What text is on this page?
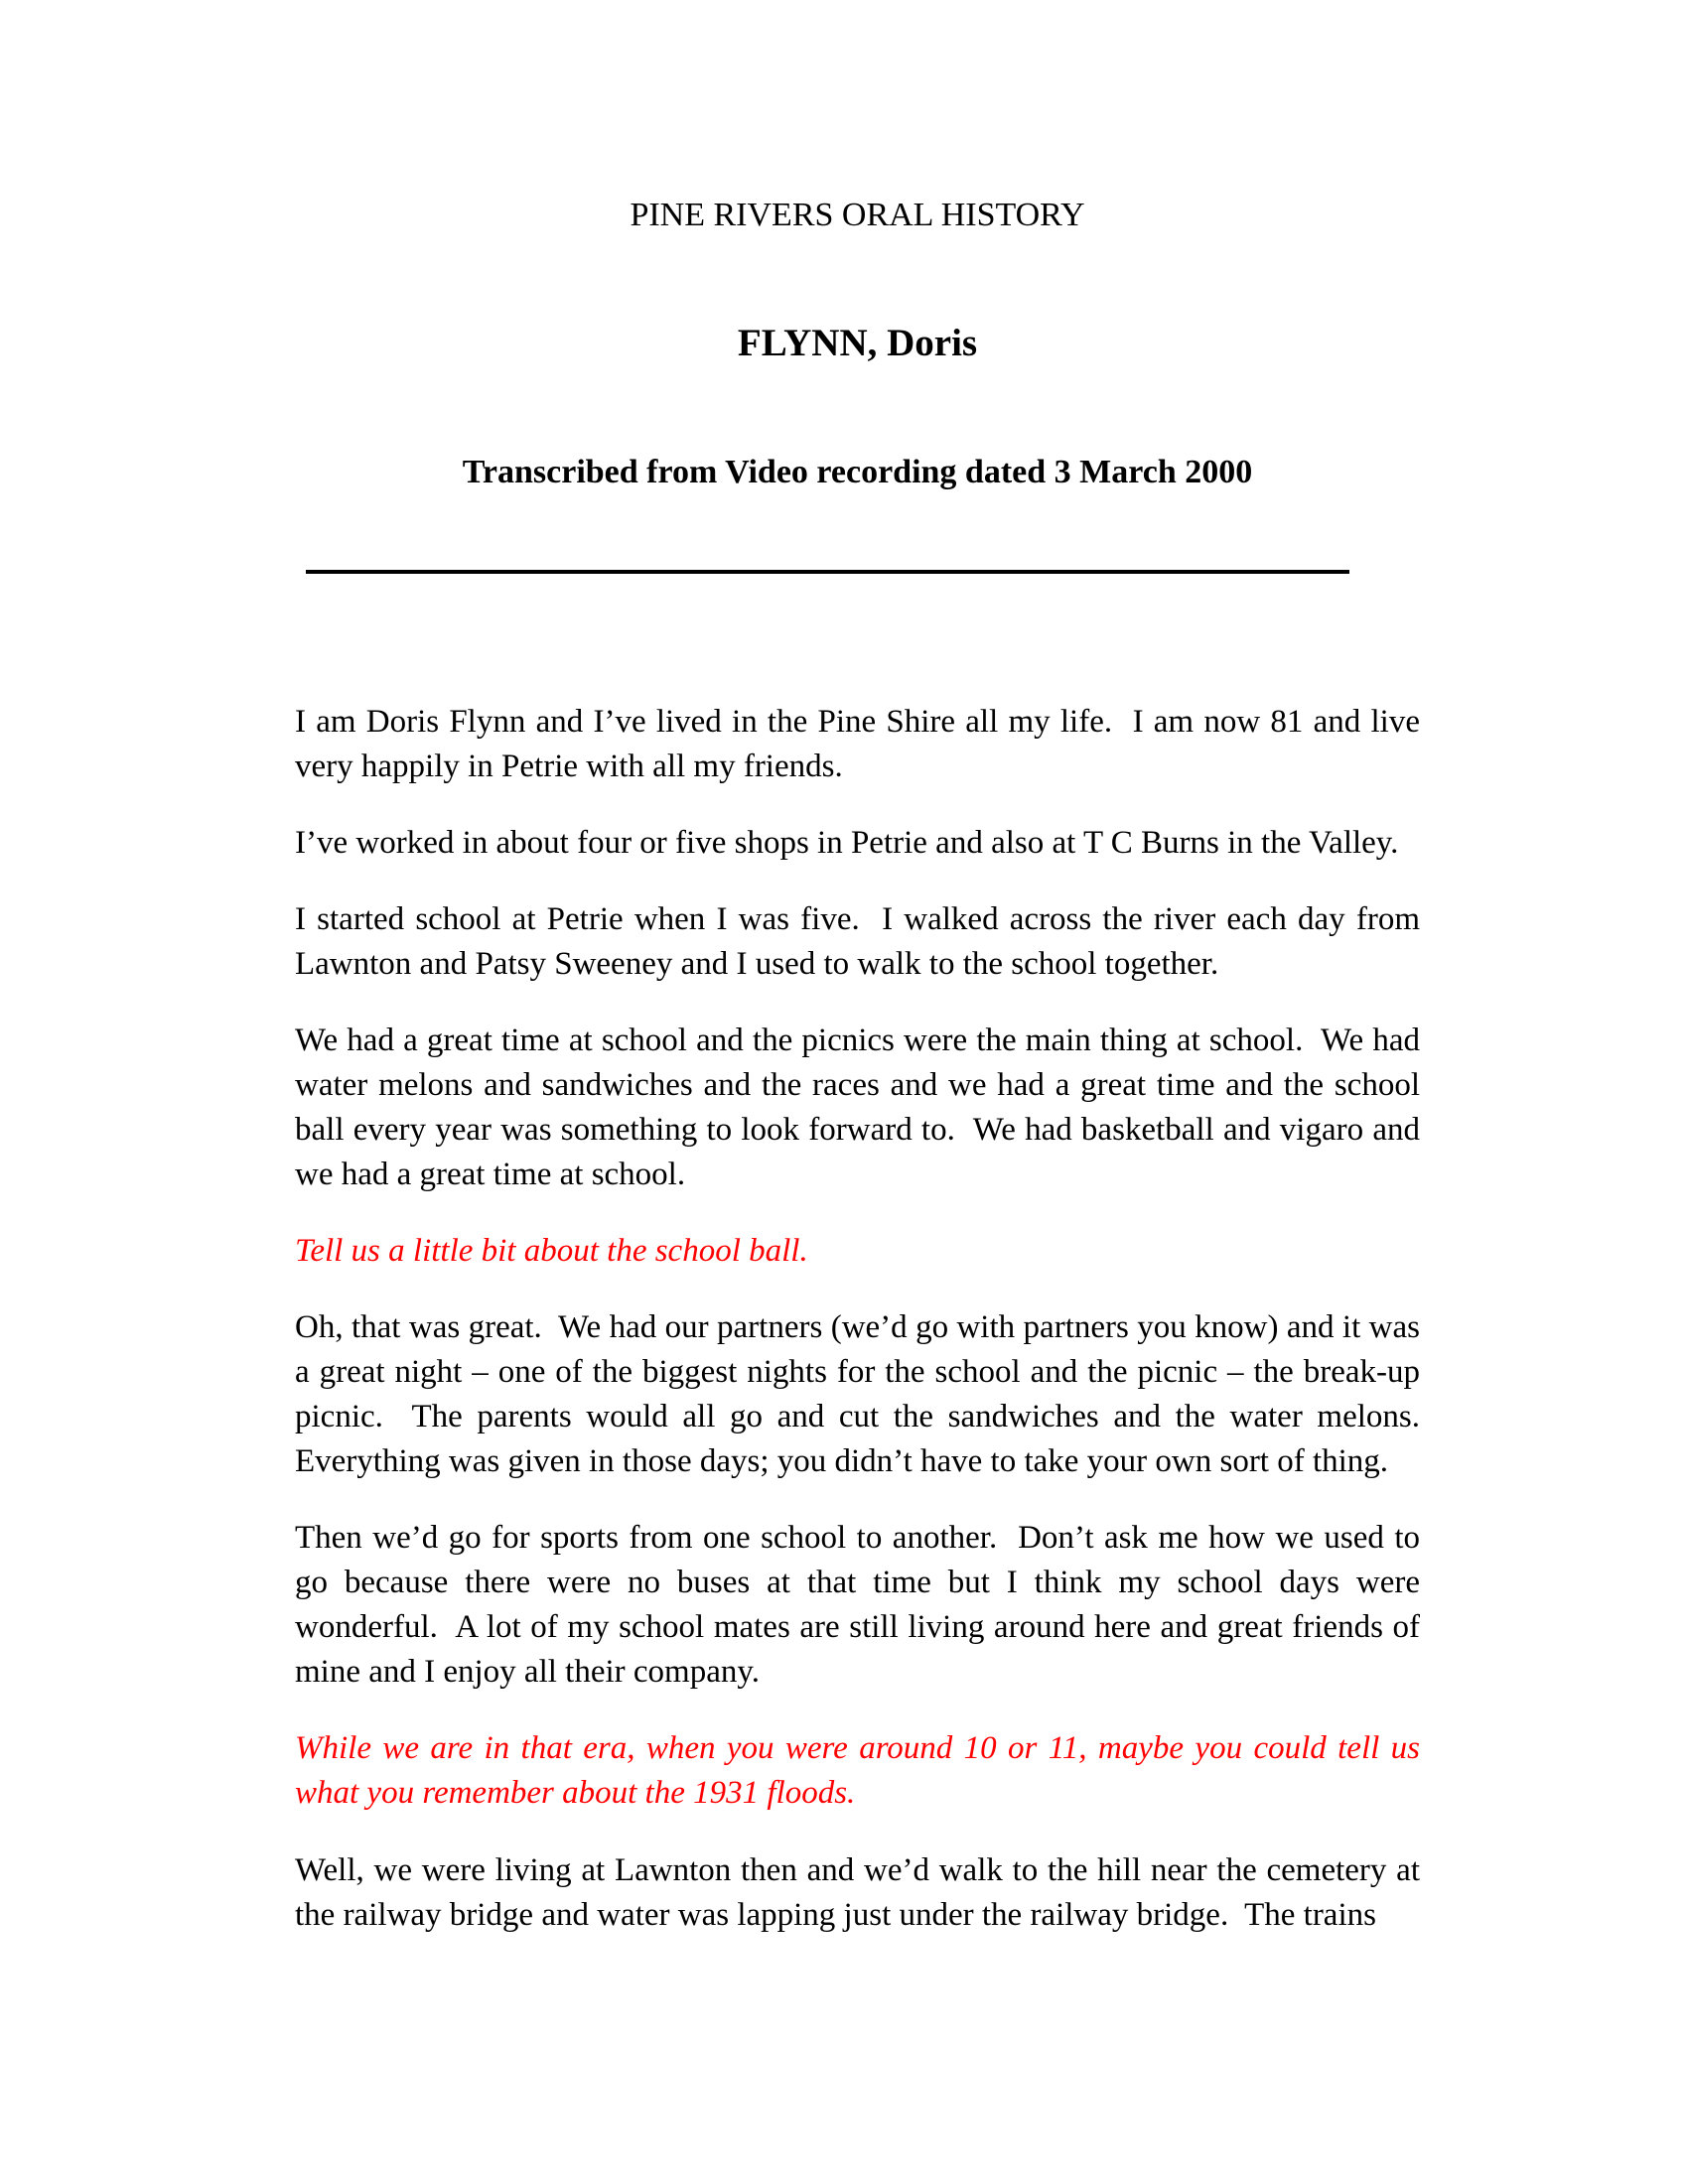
PINE RIVERS ORAL HISTORY
FLYNN, Doris
Transcribed from Video recording dated 3 March 2000

I am Doris Flynn and I’ve lived in the Pine Shire all my life.  I am now 81 and live very happily in Petrie with all my friends.

I’ve worked in about four or five shops in Petrie and also at T C Burns in the Valley.

I started school at Petrie when I was five.  I walked across the river each day from Lawnton and Patsy Sweeney and I used to walk to the school together.

We had a great time at school and the picnics were the main thing at school.  We had water melons and sandwiches and the races and we had a great time and the school ball every year was something to look forward to.  We had basketball and vigaro and we had a great time at school.

Tell us a little bit about the school ball.

Oh, that was great.  We had our partners (we’d go with partners you know) and it was a great night – one of the biggest nights for the school and the picnic – the break-up picnic.  The parents would all go and cut the sandwiches and the water melons.  Everything was given in those days; you didn’t have to take your own sort of thing.

Then we’d go for sports from one school to another.  Don’t ask me how we used to go because there were no buses at that time but I think my school days were wonderful.  A lot of my school mates are still living around here and great friends of mine and I enjoy all their company.

While we are in that era, when you were around 10 or 11, maybe you could tell us what you remember about the 1931 floods.

Well, we were living at Lawnton then and we’d walk to the hill near the cemetery at the railway bridge and water was lapping just under the railway bridge.  The trains
